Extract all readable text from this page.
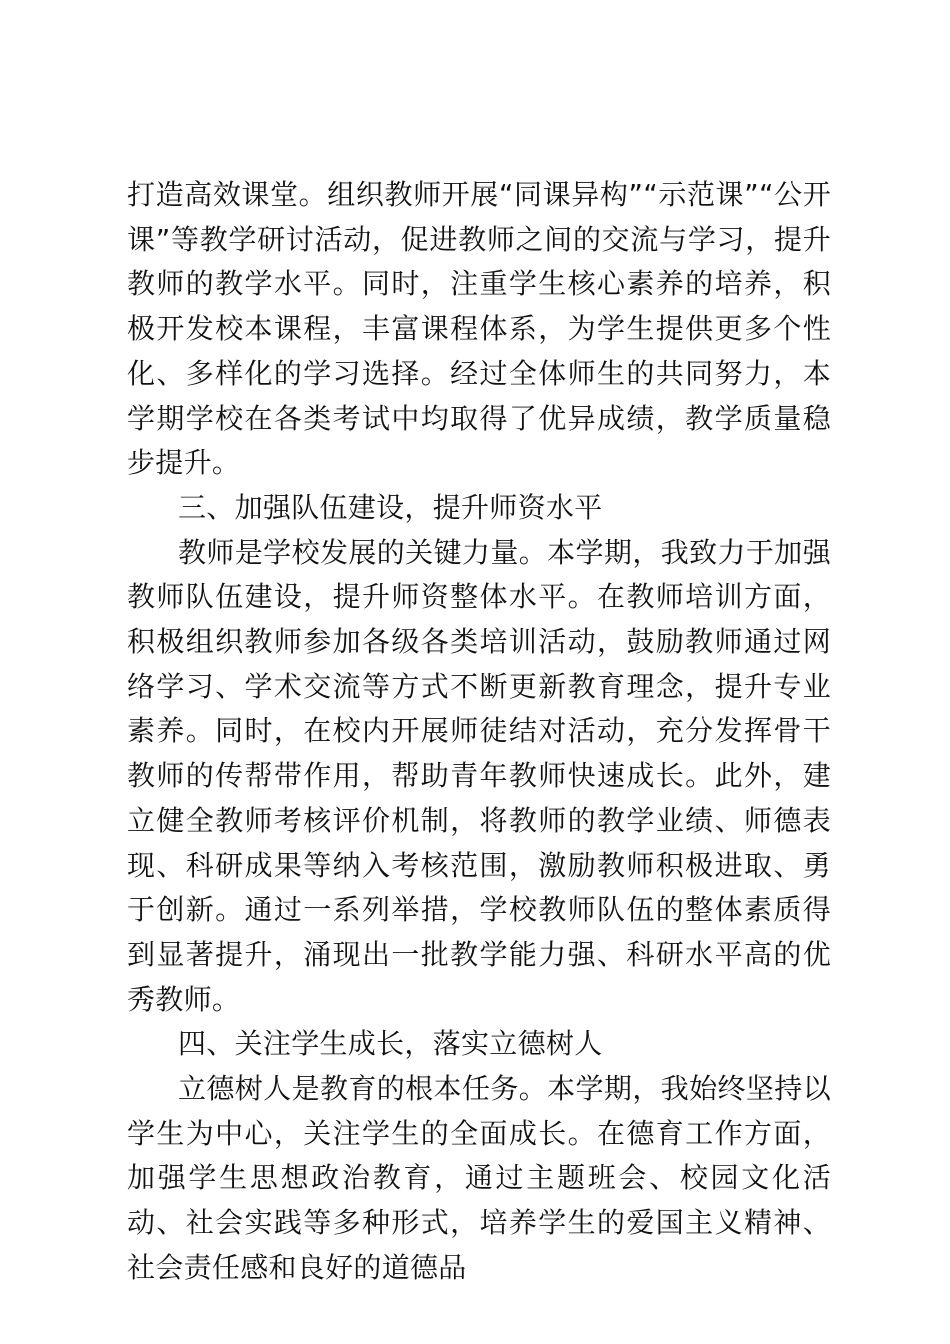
打造高效课堂。组织教师开展“同课异构”“示范课”“公开课”等教学研讨活动，促进教师之间的交流与学习，提升教师的教学水平。同时，注重学生核心素养的培养，积极开发校本课程，丰富课程体系，为学生提供更多个性化、多样化的学习选择。经过全体师生的共同努力，本学期学校在各类考试中均取得了优异成绩，教学质量稳步提升。

三、加强队伍建设，提升师资水平

教师是学校发展的关键力量。本学期，我致力于加强教师队伍建设，提升师资整体水平。在教师培训方面，积极组织教师参加各级各类培训活动，鼓励教师通过网络学习、学术交流等方式不断更新教育理念，提升专业素养。同时，在校内开展师徒结对活动，充分发挥骨干教师的传帮带作用，帮助青年教师快速成长。此外，建立健全教师考核评价机制，将教师的教学业绩、师德表现、科研成果等纳入考核范围，激励教师积极进取、勇于创新。通过一系列举措，学校教师队伍的整体素质得到显著提升，涌现出一批教学能力强、科研水平高的优秀教师。

四、关注学生成长，落实立德树人

立德树人是教育的根本任务。本学期，我始终坚持以学生为中心，关注学生的全面成长。在德育工作方面，加强学生思想政治教育，通过主题班会、校园文化活动、社会实践等多种形式，培养学生的爱国主义精神、社会责任感和良好的道德品
